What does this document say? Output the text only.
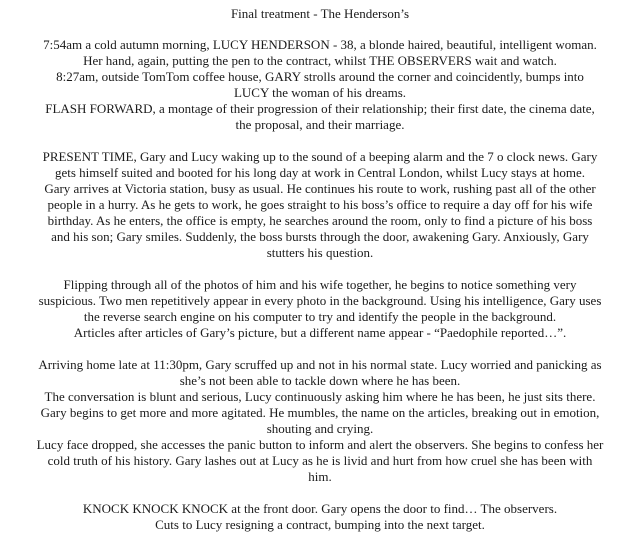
Final treatment - The Henderson’s

7:54am a cold autumn morning, LUCY HENDERSON - 38, a blonde haired, beautiful, intelligent woman.
Her hand, again, putting the pen to the contract, whilst THE OBSERVERS wait and watch.
8:27am, outside TomTom coffee house, GARY strolls around the corner and coincidently, bumps into
LUCY the woman of his dreams.
FLASH FORWARD, a montage of their progression of their relationship; their first date, the cinema date,
the proposal, and their marriage.

PRESENT TIME, Gary and Lucy waking up to the sound of a beeping alarm and the 7 o clock news. Gary
gets himself suited and booted for his long day at work in Central London, whilst Lucy stays at home.
Gary arrives at Victoria station, busy as usual. He continues his route to work, rushing past all of the other
people in a hurry. As he gets to work, he goes straight to his boss’s office to require a day off for his wife
birthday. As he enters, the office is empty, he searches around the room, only to find a picture of his boss
and his son; Gary smiles. Suddenly, the boss bursts through the door, awakening Gary. Anxiously, Gary
stutters his question.

Flipping through all of the photos of him and his wife together, he begins to notice something very
suspicious. Two men repetitively appear in every photo in the background. Using his intelligence, Gary uses
the reverse search engine on his computer to try and identify the people in the background.
Articles after articles of Gary’s picture, but a different name appear - “Paedophile reported…”.

Arriving home late at 11:30pm, Gary scruffed up and not in his normal state. Lucy worried and panicking as
she’s not been able to tackle down where he has been.
The conversation is blunt and serious, Lucy continuously asking him where he has been, he just sits there.
Gary begins to get more and more agitated. He mumbles, the name on the articles, breaking out in emotion,
shouting and crying.
Lucy face dropped, she accesses the panic button to inform and alert the observers. She begins to confess her
cold truth of his history. Gary lashes out at Lucy as he is livid and hurt from how cruel she has been with
him.

KNOCK KNOCK KNOCK at the front door. Gary opens the door to find… The observers.
Cuts to Lucy resigning a contract, bumping into the next target.
